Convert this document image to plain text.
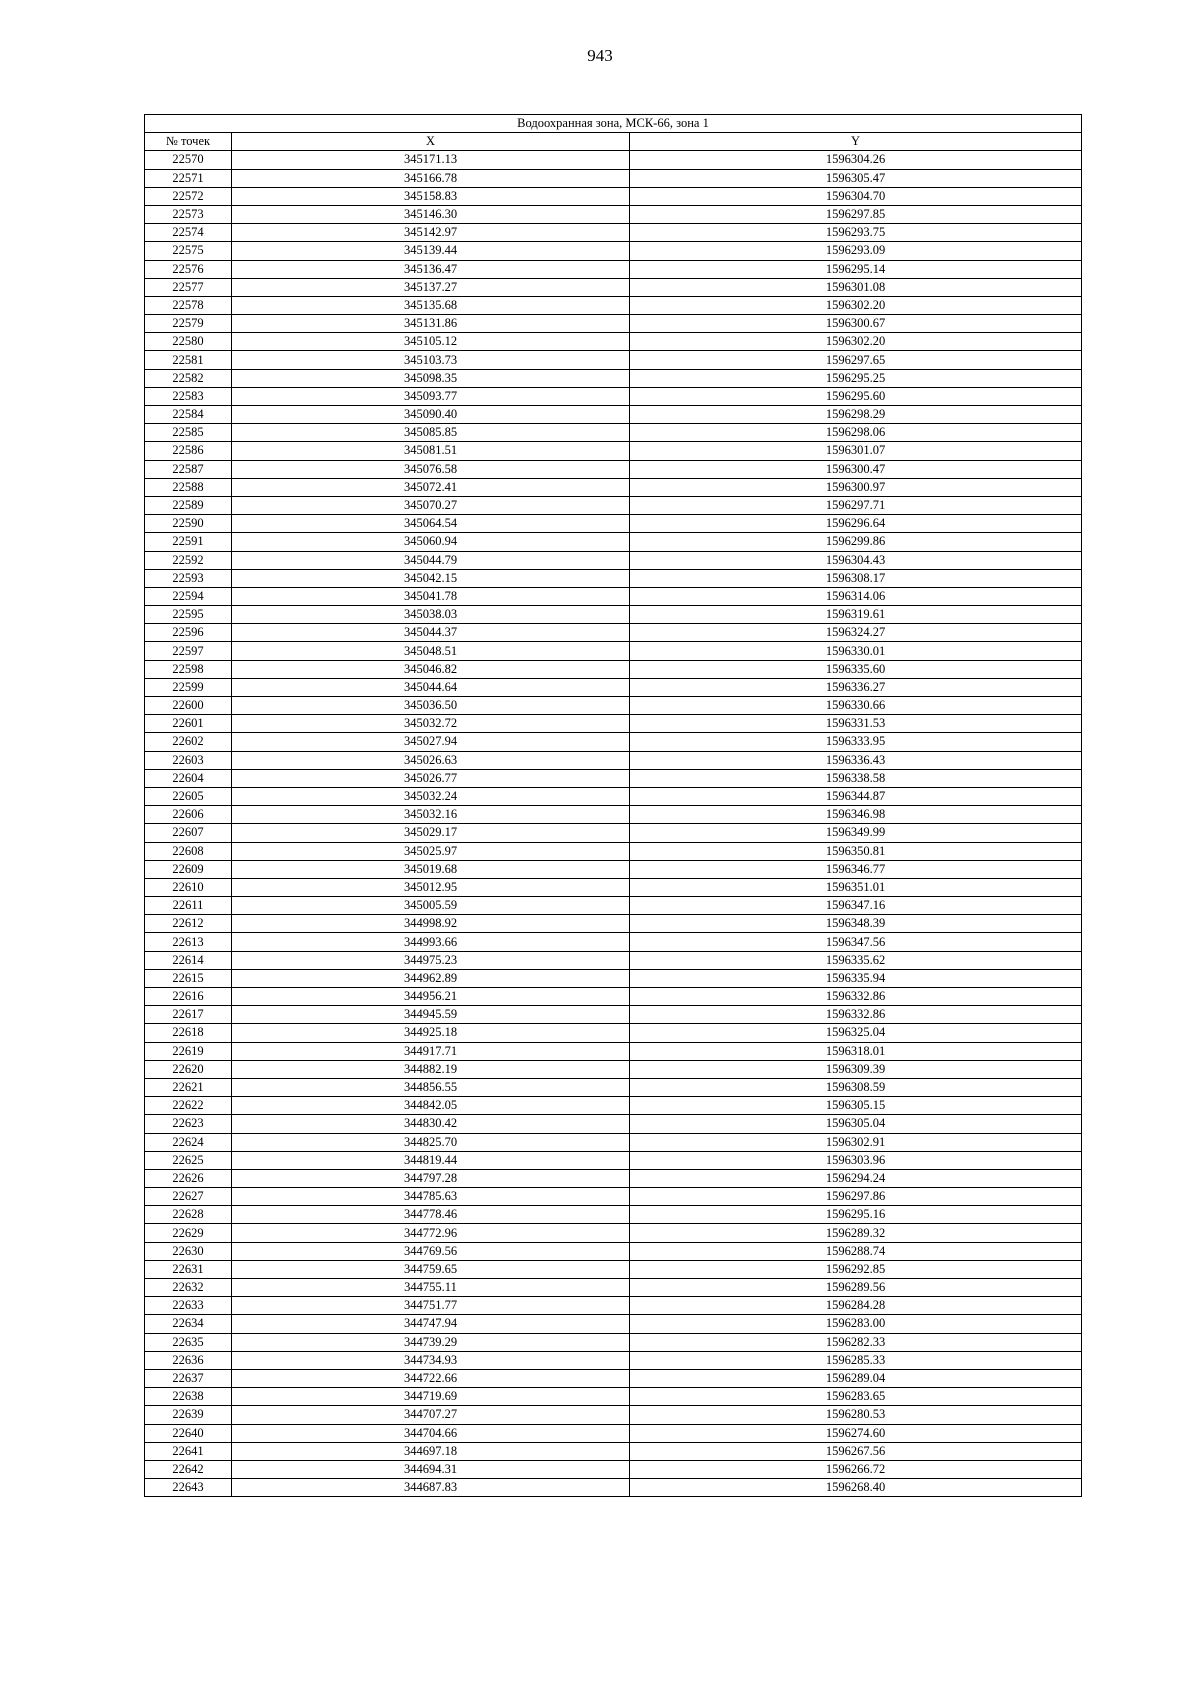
943
Водоохранная зона, МСК-66, зона 1		
№ точек	X	Y
22570	345171.13	1596304.26
22571	345166.78	1596305.47
22572	345158.83	1596304.70
22573	345146.30	1596297.85
22574	345142.97	1596293.75
22575	345139.44	1596293.09
22576	345136.47	1596295.14
22577	345137.27	1596301.08
22578	345135.68	1596302.20
22579	345131.86	1596300.67
22580	345105.12	1596302.20
22581	345103.73	1596297.65
22582	345098.35	1596295.25
22583	345093.77	1596295.60
22584	345090.40	1596298.29
22585	345085.85	1596298.06
22586	345081.51	1596301.07
22587	345076.58	1596300.47
22588	345072.41	1596300.97
22589	345070.27	1596297.71
22590	345064.54	1596296.64
22591	345060.94	1596299.86
22592	345044.79	1596304.43
22593	345042.15	1596308.17
22594	345041.78	1596314.06
22595	345038.03	1596319.61
22596	345044.37	1596324.27
22597	345048.51	1596330.01
22598	345046.82	1596335.60
22599	345044.64	1596336.27
22600	345036.50	1596330.66
22601	345032.72	1596331.53
22602	345027.94	1596333.95
22603	345026.63	1596336.43
22604	345026.77	1596338.58
22605	345032.24	1596344.87
22606	345032.16	1596346.98
22607	345029.17	1596349.99
22608	345025.97	1596350.81
22609	345019.68	1596346.77
22610	345012.95	1596351.01
22611	345005.59	1596347.16
22612	344998.92	1596348.39
22613	344993.66	1596347.56
22614	344975.23	1596335.62
22615	344962.89	1596335.94
22616	344956.21	1596332.86
22617	344945.59	1596332.86
22618	344925.18	1596325.04
22619	344917.71	1596318.01
22620	344882.19	1596309.39
22621	344856.55	1596308.59
22622	344842.05	1596305.15
22623	344830.42	1596305.04
22624	344825.70	1596302.91
22625	344819.44	1596303.96
22626	344797.28	1596294.24
22627	344785.63	1596297.86
22628	344778.46	1596295.16
22629	344772.96	1596289.32
22630	344769.56	1596288.74
22631	344759.65	1596292.85
22632	344755.11	1596289.56
22633	344751.77	1596284.28
22634	344747.94	1596283.00
22635	344739.29	1596282.33
22636	344734.93	1596285.33
22637	344722.66	1596289.04
22638	344719.69	1596283.65
22639	344707.27	1596280.53
22640	344704.66	1596274.60
22641	344697.18	1596267.56
22642	344694.31	1596266.72
22643	344687.83	1596268.40
